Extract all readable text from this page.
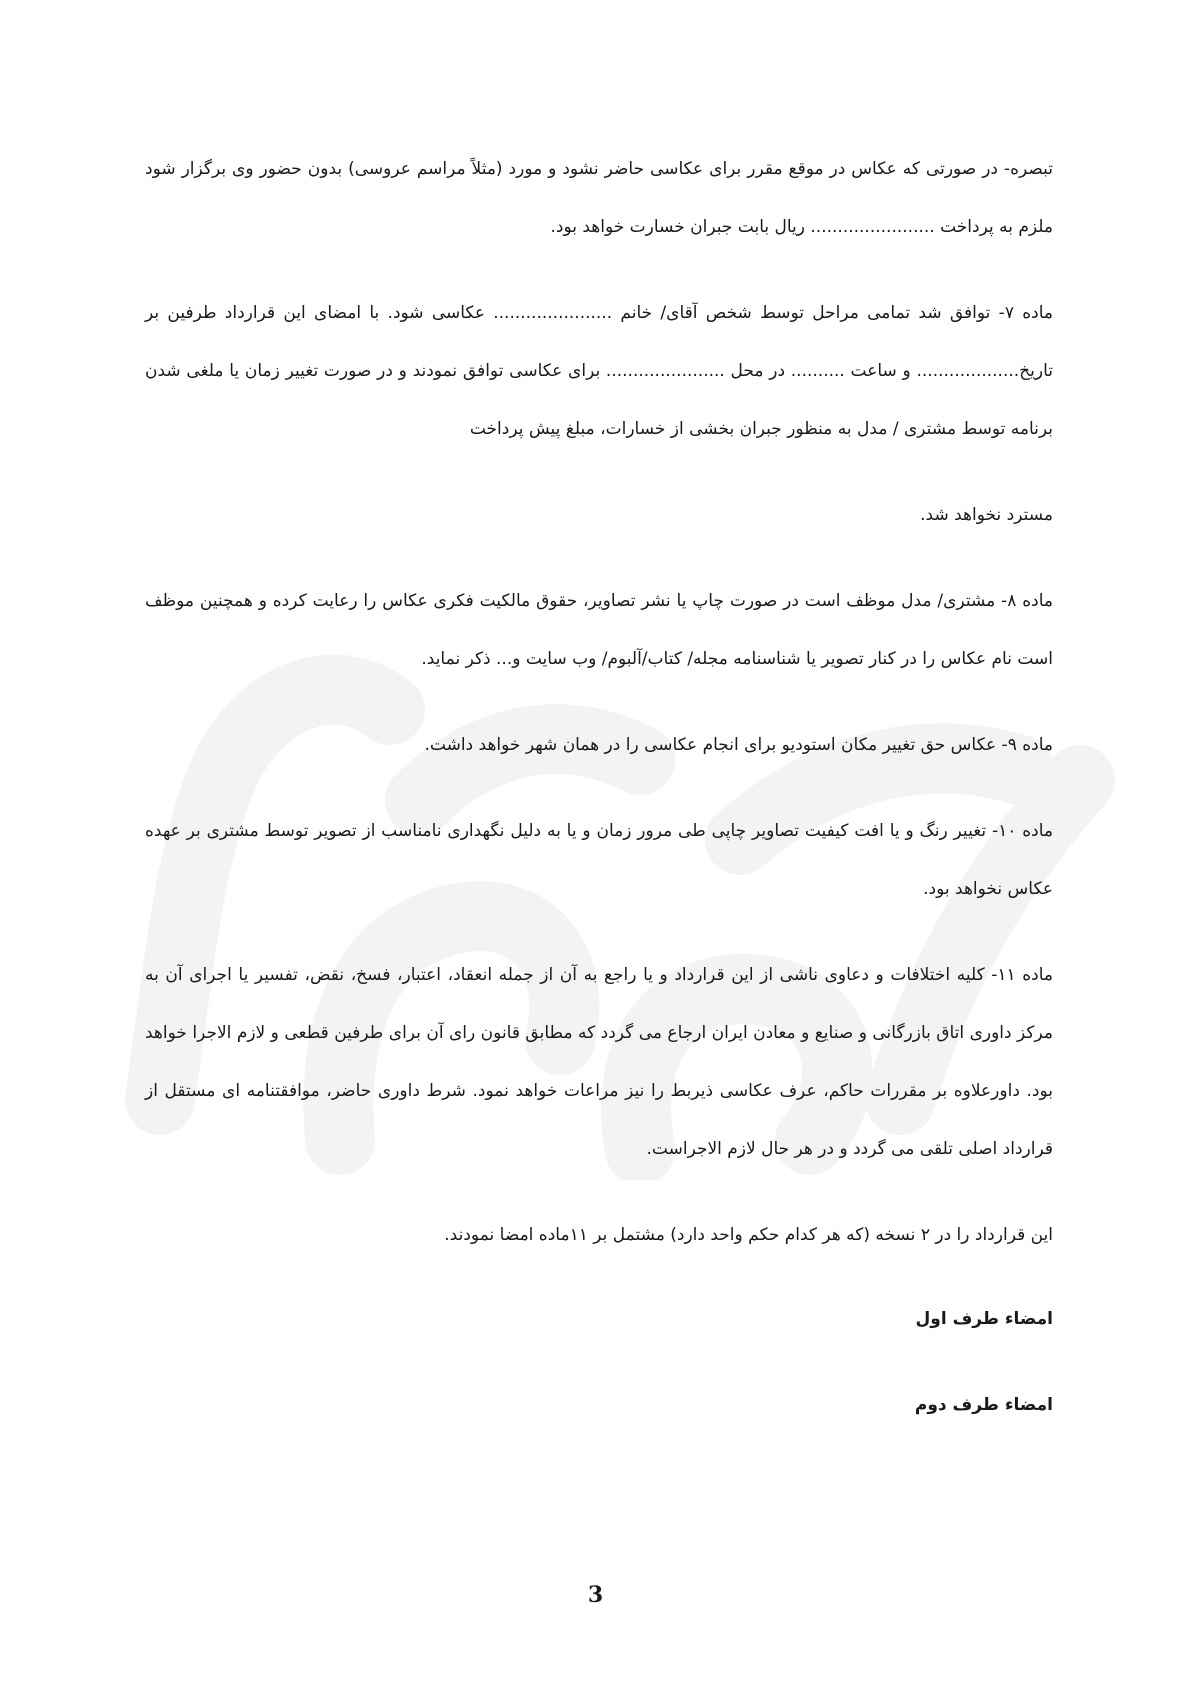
تبصره- در صورتی که عکاس در موقع مقرر برای عکاسی حاضر نشود و مورد (مثلاً مراسم عروسی) بدون حضور وی برگزار شود ملزم به پرداخت ....................... ریال بابت جبران خسارت خواهد بود.

ماده ۷- توافق شد تمامی مراحل توسط شخص آقای/ خانم ...................... عکاسی شود. با امضای این قرارداد طرفین بر تاریخ................... و ساعت .......... در محل ...................... برای عکاسی توافق نمودند و در صورت تغییر زمان یا ملغی شدن برنامه توسط مشتری / مدل به منظور جبران بخشی از خسارات، مبلغ پیش پرداخت

مسترد نخواهد شد.

ماده ۸- مشتری/ مدل موظف است در صورت چاپ یا نشر تصاویر، حقوق مالکیت فکری عکاس را رعایت کرده و همچنین موظف است نام عکاس را در کنار تصویر یا شناسنامه مجله/ کتاب/آلبوم/ وب سایت و... ذکر نماید.

ماده ۹- عکاس حق تغییر مکان استودیو برای انجام عکاسی را در همان شهر خواهد داشت.

ماده ۱۰- تغییر رنگ و یا افت کیفیت تصاویر چاپی طی مرور زمان و یا به دلیل نگهداری نامناسب از تصویر توسط مشتری بر عهده عکاس نخواهد بود.

ماده ۱۱- کلیه اختلافات و دعاوی ناشی از این قرارداد و یا راجع به آن از جمله انعقاد، اعتبار، فسخ، نقض، تفسیر یا اجرای آن به مرکز داوری اتاق بازرگانی و صنایع و معادن ایران ارجاع می گردد که مطابق قانون رای آن برای طرفین قطعی و لازم الاجرا خواهد بود. داورعلاوه بر مقررات حاکم، عرف عکاسی ذیربط را نیز مراعات خواهد نمود. شرط داوری حاضر، موافقتنامه ای مستقل از قرارداد اصلی تلقی می گردد و در هر حال لازم الاجراست.

این قرارداد را در ۲ نسخه (که هر کدام حکم واحد دارد) مشتمل بر ۱۱ماده امضا نمودند.

امضاء طرف اول

امضاء طرف دوم

3
